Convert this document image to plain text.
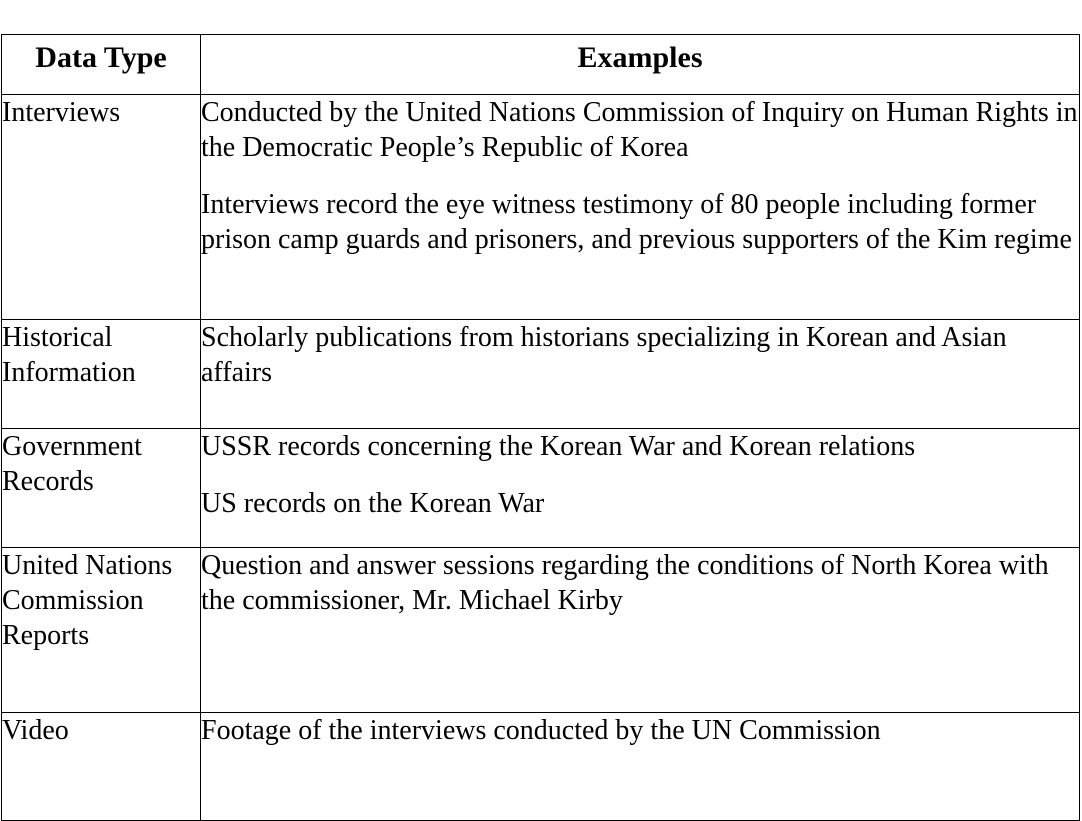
Data Type	Examples
Interviews	Conducted by the United Nations Commission of Inquiry on Human Rights in the Democratic People’s Republic of Korea

Interviews record the eye witness testimony of 80 people including former prison camp guards and prisoners, and previous supporters of the Kim regime

Historical Information	Scholarly publications from historians specializing in Korean and Asian affairs

Government Records	USSR records concerning the Korean War and Korean relations

US records on the Korean War

United Nations Commission Reports	Question and answer sessions regarding the conditions of North Korea with the commissioner, Mr. Michael Kirby

Video	Footage of the interviews conducted by the UN Commission
